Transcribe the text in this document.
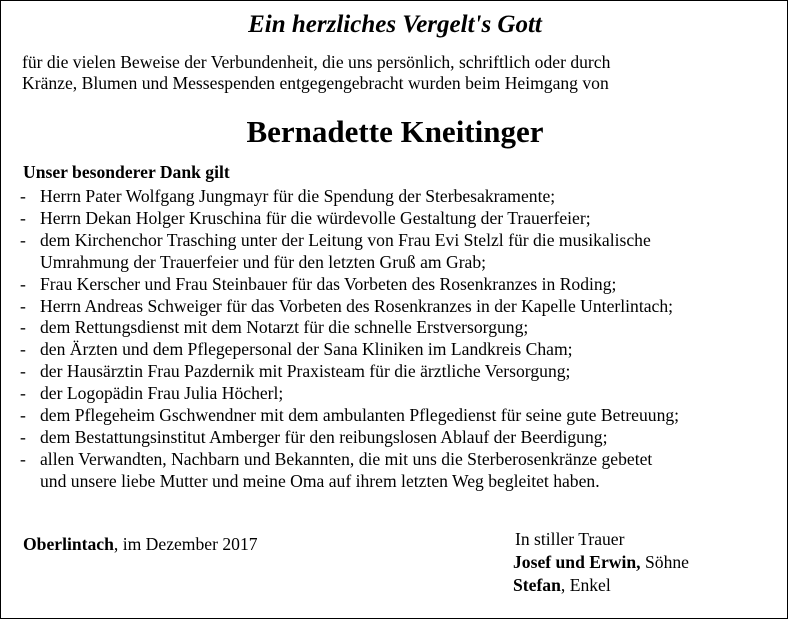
Ein herzliches Vergelt's Gott
für die vielen Beweise der Verbundenheit, die uns persönlich, schriftlich oder durch
Kränze, Blumen und Messespenden entgegengebracht wurden beim Heimgang von
Bernadette Kneitinger
Unser besonderer Dank gilt
- Herrn Pater Wolfgang Jungmayr für die Spendung der Sterbesakramente;
- Herrn Dekan Holger Kruschina für die würdevolle Gestaltung der Trauerfeier;
- dem Kirchenchor Trasching unter der Leitung von Frau Evi Stelzl für die musikalische
Umrahmung der Trauerfeier und für den letzten Gruß am Grab;
- Frau Kerscher und Frau Steinbauer für das Vorbeten des Rosenkranzes in Roding;
- Herrn Andreas Schweiger für das Vorbeten des Rosenkranzes in der Kapelle Unterlintach;
- dem Rettungsdienst mit dem Notarzt für die schnelle Erstversorgung;
- den Ärzten und dem Pflegepersonal der Sana Kliniken im Landkreis Cham;
- der Hausärztin Frau Pazdernik mit Praxisteam für die ärztliche Versorgung;
- der Logopädin Frau Julia Höcherl;
- dem Pflegeheim Gschwendner mit dem ambulanten Pflegedienst für seine gute Betreuung;
- dem Bestattungsinstitut Amberger für den reibungslosen Ablauf der Beerdigung;
- allen Verwandten, Nachbarn und Bekannten, die mit uns die Sterberosenkränze gebetet
und unsere liebe Mutter und meine Oma auf ihrem letzten Weg begleitet haben.
Oberlintach, im Dezember 2017	In stiller Trauer
Josef und Erwin, Söhne
Stefan, Enkel
